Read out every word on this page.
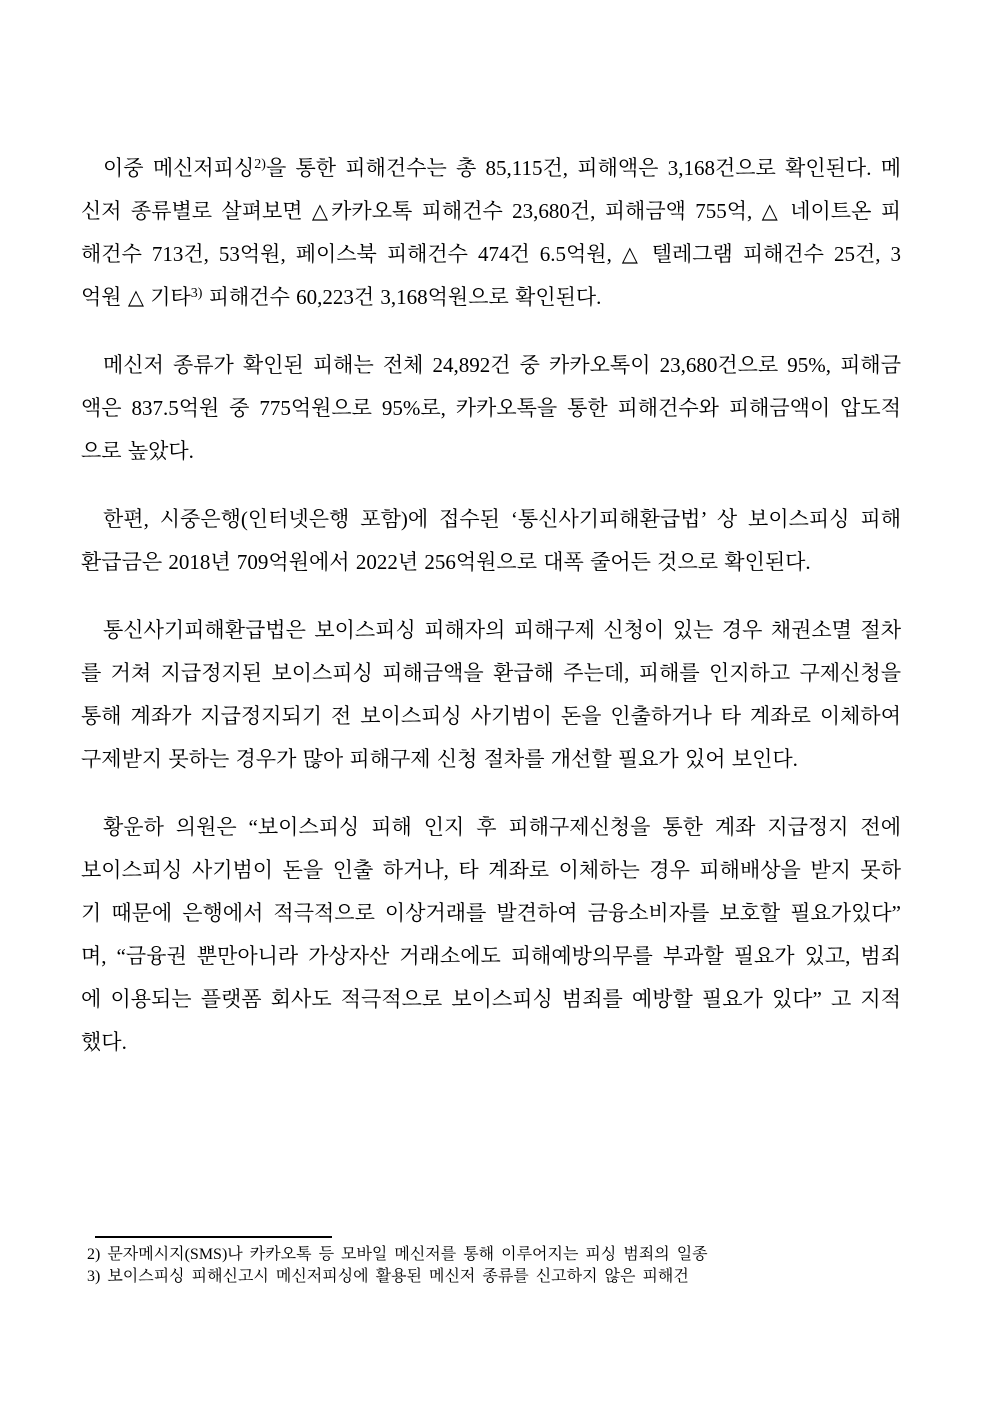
이중 메신저피싱$^{2)}$을 통한 피해건수는 총 85,115건, 피해액은 3,168건으로 확인된다. 메
신저 종류별로 살펴보면 △카카오톡 피해건수 23,680건, 피해금액 755억, △ 네이트온 피
해건수 713건, 53억원, 페이스북 피해건수 474건 6.5억원, △ 텔레그램 피해건수 25건, 3
억원 △ 기타$^{3)}$ 피해건수 60,223건 3,168억원으로 확인된다.
메신저 종류가 확인된 피해는 전체 24,892건 중 카카오톡이 23,680건으로 95%, 피해금
액은 837.5억원 중 775억원으로 95%로, 카카오톡을 통한 피해건수와 피해금액이 압도적
으로 높았다.
한편, 시중은행(인터넷은행 포함)에 접수된 ‘통신사기피해환급법’ 상 보이스피싱 피해
환급금은 2018년 709억원에서 2022년 256억원으로 대폭 줄어든 것으로 확인된다.
통신사기피해환급법은 보이스피싱 피해자의 피해구제 신청이 있는 경우 채권소멸 절차
를 거쳐 지급정지된 보이스피싱 피해금액을 환급해 주는데, 피해를 인지하고 구제신청을
통해 계좌가 지급정지되기 전 보이스피싱 사기범이 돈을 인출하거나 타 계좌로 이체하여
구제받지 못하는 경우가 많아 피해구제 신청 절차를 개선할 필요가 있어 보인다.
황운하 의원은 “보이스피싱 피해 인지 후 피해구제신청을 통한 계좌 지급정지 전에
보이스피싱 사기범이 돈을 인출 하거나, 타 계좌로 이체하는 경우 피해배상을 받지 못하
기 때문에 은행에서 적극적으로 이상거래를 발견하여 금융소비자를 보호할 필요가있다”
며, “금융권 뿐만아니라 가상자산 거래소에도 피해예방의무를 부과할 필요가 있고, 범죄
에 이용되는 플랫폼 회사도 적극적으로 보이스피싱 범죄를 예방할 필요가 있다” 고 지적
했다.
2) 문자메시지(SMS)나 카카오톡 등 모바일 메신저를 통해 이루어지는 피싱 범죄의 일종
3) 보이스피싱 피해신고시 메신저피싱에 활용된 메신저 종류를 신고하지 않은 피해건
